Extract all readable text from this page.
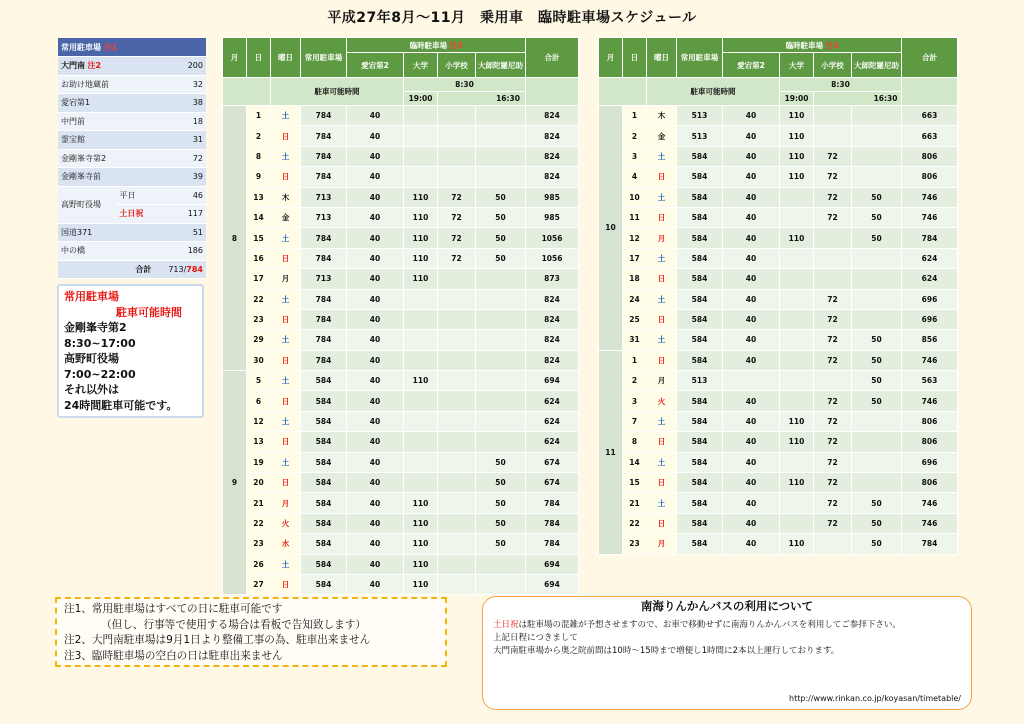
平成27年8月～11月　乗用車　臨時駐車場スケジュール
常用駐車場 注1		
大門南 注2		200
お助け地蔵前		32
愛宕第1		38
中門前		18
霊宝館		31
金剛峯寺第2		72
金剛峯寺前		39
高野町役場	平日	46
	土日祝	117
国道371		51
中の橋		186
合計		713/784
常用駐車場
駐車可能時間
金剛峯寺第2
8:30~17:00
高野町役場
7:00~22:00
それ以外は
24時間駐車可能です。
月	日	曜日	常用駐車場	臨時駐車場 注3				合計
				愛宕第2	大学	小学校	大師陀羅尼助	
		駐車可能時間			8:30			
					19:00	16:30		
8	1	土	784	40				824
	2	日	784	40				824
	8	土	784	40				824
	9	日	784	40				824
	13	木	713	40	110	72	50	985
	14	金	713	40	110	72	50	985
	15	土	784	40	110	72	50	1056
	16	日	784	40	110	72	50	1056
	17	月	713	40	110			873
	22	土	784	40				824
	23	日	784	40				824
	29	土	784	40				824
	30	日	784	40				824
9	5	土	584	40	110			694
	6	日	584	40				624
	12	土	584	40				624
	13	日	584	40				624
	19	土	584	40			50	674
	20	日	584	40			50	674
	21	月	584	40	110		50	784
	22	火	584	40	110		50	784
	23	水	584	40	110		50	784
	26	土	584	40	110			694
	27	日	584	40	110			694
月	日	曜日	常用駐車場	臨時駐車場 注3				合計
				愛宕第2	大学	小学校	大師陀羅尼助	
		駐車可能時間			8:30			
					19:00	16:30		
10	1	木	513	40	110			663
	2	金	513	40	110			663
	3	土	584	40	110	72		806
	4	日	584	40	110	72		806
	10	土	584	40		72	50	746
	11	日	584	40		72	50	746
	12	月	584	40	110		50	784
	17	土	584	40				624
	18	日	584	40				624
	24	土	584	40		72		696
	25	日	584	40		72		696
	31	土	584	40		72	50	856
11	1	日	584	40		72	50	746
	2	月	513				50	563
	3	火	584	40		72	50	746
	7	土	584	40	110	72		806
	8	日	584	40	110	72		806
	14	土	584	40		72		696
	15	日	584	40	110	72		806
	21	土	584	40		72	50	746
	22	日	584	40		72	50	746
	23	月	584	40	110		50	784
注1、常用駐車場はすべての日に駐車可能です
　　　　（但し、行事等で使用する場合は看板で告知致します）
注2、大門南駐車場は9月1日より整備工事の為、駐車出来ません
注3、臨時駐車場の空白の日は駐車出来ません
南海りんかんバスの利用について
土日祝は駐車場の混雑が予想させますので、お車で移動せずに南海りんかんバスを利用してご参拝下さい。
上記日程につきまして
大門南駐車場から奥之院前間は10時～15時まで増便し1時間に2本以上運行しております。
http://www.rinkan.co.jp/koyasan/timetable/
